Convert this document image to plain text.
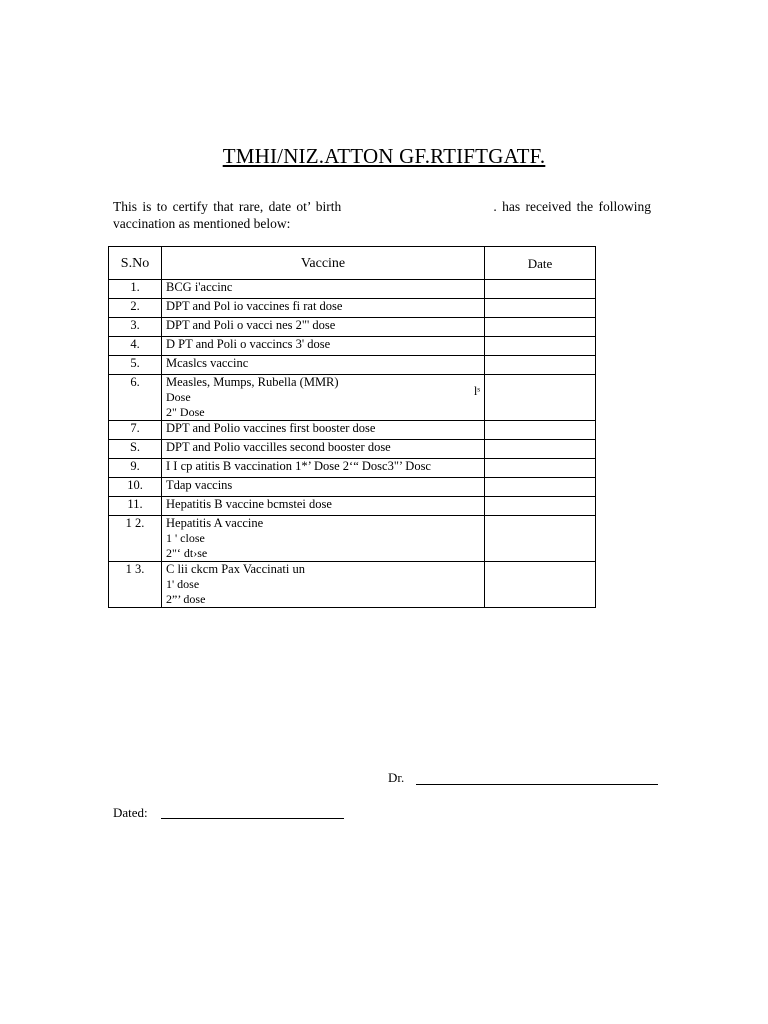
TMHI/NIZ.ATTON GF.RTIFTGATF.
This is to certify that rare, date ot’ birth	. has received the following
vaccination as mentioned below:
S.No	Vaccine	Date
1.	BCG i'accinc	

2.	DPT and Pol io vaccines fi rat dose	

3.	DPT and Poli o vacci nes 2"' dose	

4.	D PT and Poli o vaccincs 3' dose	

5.	Mcaslcs vaccinc	

6.	Measles, Mumps, Rubella (MMR)
Dose lˢ
2" Dose	

7.	DPT and Polio vaccines first booster dose	

S.	DPT and Polio vaccilles second booster dose	

9.	I I cp atitis B vaccination 1*’ Dose 2‘“ Dosc3"’ Dosc	

10.	Tdap vaccins	

11.	Hepatitis B vaccine bcmstei dose	

1 2.	Hepatitis A vaccine
1 ' close
2"‘ dt›se	

1 3.	C lii ckcm Pax Vaccinati un
1' dose
2”’ dose	

Dr.
Dated:
